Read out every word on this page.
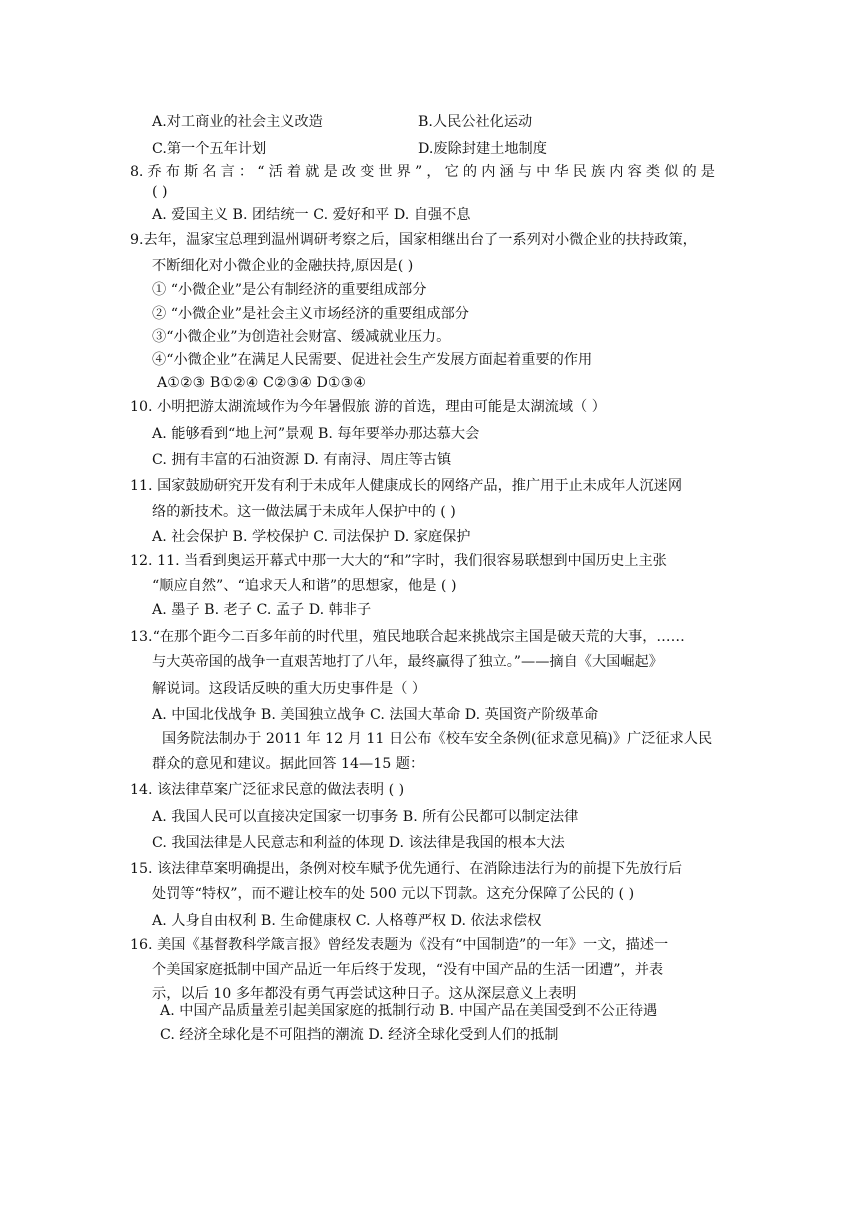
A.对工商业的社会主义改造	B.人民公社化运动
C.第一个五年计划	D.废除封建土地制度
8. 乔 布 斯 名 言 ： “ 活 着 就 是 改 变 世 界 ” ， 它 的 内 涵 与 中 华 民 族 内 容 类 似 的 是
( )
A. 爱国主义 B. 团结统一 C. 爱好和平 D. 自强不息
9.去年，温家宝总理到温州调研考察之后，国家相继出台了一系列对小微企业的扶持政策，
不断细化对小微企业的金融扶持,原因是( )
① “小微企业”是公有制经济的重要组成部分
② “小微企业”是社会主义市场经济的重要组成部分
③“小微企业”为创造社会财富、缓减就业压力。
④“小微企业”在满足人民需要、促进社会生产发展方面起着重要的作用
A①②③ B①②④ C②③④ D①③④
10. 小明把游太湖流域作为今年暑假旅 游的首选，理由可能是太湖流域（ ）
A. 能够看到“地上河”景观 B. 每年要举办那达慕大会
C. 拥有丰富的石油资源 D. 有南浔、周庄等古镇
11. 国家鼓励研究开发有利于未成年人健康成长的网络产品，推广用于止未成年人沉迷网
络的新技术。这一做法属于未成年人保护中的 ( )
A. 社会保护 B. 学校保护 C. 司法保护 D. 家庭保护
12. 11. 当看到奥运开幕式中那一大大的“和”字时，我们很容易联想到中国历史上主张
“顺应自然”、“追求天人和谐”的思想家，他是 ( )
A. 墨子 B. 老子 C. 孟子 D. 韩非子
13.“在那个距今二百多年前的时代里，殖民地联合起来挑战宗主国是破天荒的大事，……
与大英帝国的战争一直艰苦地打了八年，最终赢得了独立。”——摘自《大国崛起》
解说词。这段话反映的重大历史事件是（ ）
A. 中国北伐战争 B. 美国独立战争 C. 法国大革命 D. 英国资产阶级革命
国务院法制办于 2011 年 12 月 11 日公布《校车安全条例(征求意见稿)》广泛征求人民
群众的意见和建议。据此回答 14—15 题：
14. 该法律草案广泛征求民意的做法表明 ( )
A. 我国人民可以直接决定国家一切事务 B. 所有公民都可以制定法律
C. 我国法律是人民意志和利益的体现 D. 该法律是我国的根本大法
15. 该法律草案明确提出，条例对校车赋予优先通行、在消除违法行为的前提下先放行后
处罚等“特权”，而不避让校车的处 500 元以下罚款。这充分保障了公民的 ( )
A. 人身自由权利 B. 生命健康权 C. 人格尊严权 D. 依法求偿权
16. 美国《基督教科学箴言报》曾经发表题为《没有“中国制造”的一年》一文，描述一
个美国家庭抵制中国产品近一年后终于发现，“没有中国产品的生活一团遭”，并表
示，以后 10 多年都没有勇气再尝试这种日子。这从深层意义上表明
A. 中国产品质量差引起美国家庭的抵制行动 B. 中国产品在美国受到不公正待遇
C. 经济全球化是不可阻挡的潮流 D. 经济全球化受到人们的抵制
